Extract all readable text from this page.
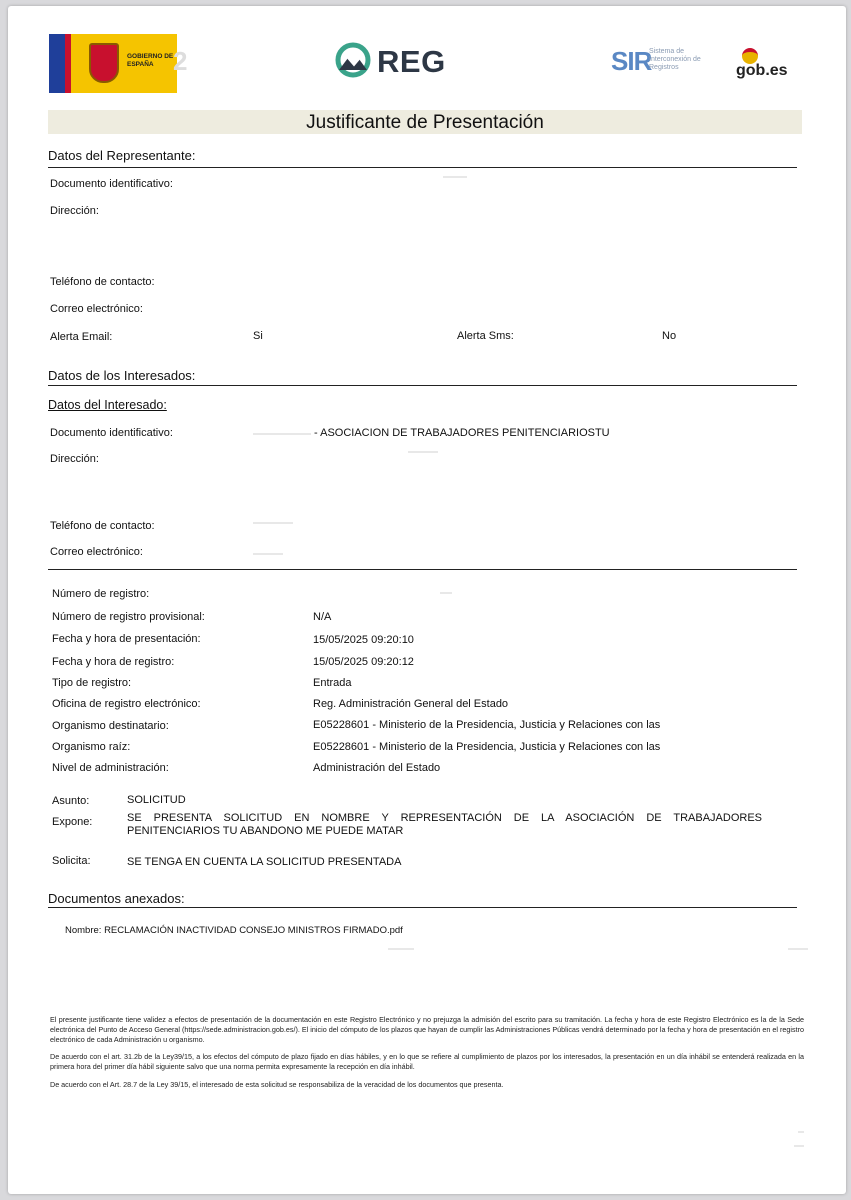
GOBIERNO DE ESPAÑA 2	REG	SIR
Sistema de Interconexión de Registros	gob.es
Justificante de Presentación
Datos del Representante:
Documento identificativo:
Dirección:
Teléfono de contacto:
Correo electrónico:
Alerta Email:	Si	Alerta Sms:	No
Datos de los Interesados:
Datos del Interesado:
Documento identificativo:	- ASOCIACION DE TRABAJADORES PENITENCIARIOSTU
Dirección:
Teléfono de contacto:
Correo electrónico:
Número de registro:
Número de registro provisional:	N/A
Fecha y hora de presentación:	15/05/2025 09:20:10
Fecha y hora de registro:	15/05/2025 09:20:12
Tipo de registro:	Entrada
Oficina de registro electrónico:	Reg. Administración General del Estado
Organismo destinatario:	E05228601 - Ministerio de la Presidencia, Justicia y Relaciones con las
Organismo raíz:	E05228601 - Ministerio de la Presidencia, Justicia y Relaciones con las
Nivel de administración:	Administración del Estado
Asunto:	SOLICITUD
Expone:	SE PRESENTA SOLICITUD EN NOMBRE Y REPRESENTACIÓN DE LA ASOCIACIÓN DE TRABAJADORES
PENITENCIARIOS TU ABANDONO ME PUEDE MATAR
Solicita:	SE TENGA EN CUENTA LA SOLICITUD PRESENTADA
Documentos anexados:
Nombre: RECLAMACIÓN INACTIVIDAD CONSEJO MINISTROS FIRMADO.pdf
El presente justificante tiene validez a efectos de presentación de la documentación en este Registro Electrónico y no prejuzga la admisión del escrito para su tramitación. La fecha y hora de este Registro Electrónico es la de la Sede electrónica del Punto de Acceso General (https://sede.administracion.gob.es/). El inicio del cómputo de los plazos que hayan de cumplir las Administraciones Públicas vendrá determinado por la fecha y hora de presentación en el registro electrónico de cada Administración u organismo.
De acuerdo con el art. 31.2b de la Ley39/15, a los efectos del cómputo de plazo fijado en días hábiles, y en lo que se refiere al cumplimiento de plazos por los interesados, la presentación en un día inhábil se entenderá realizada en la primera hora del primer día hábil siguiente salvo que una norma permita expresamente la recepción en día inhábil.
De acuerdo con el Art. 28.7 de la Ley 39/15, el interesado de esta solicitud se responsabiliza de la veracidad de los documentos que presenta.
